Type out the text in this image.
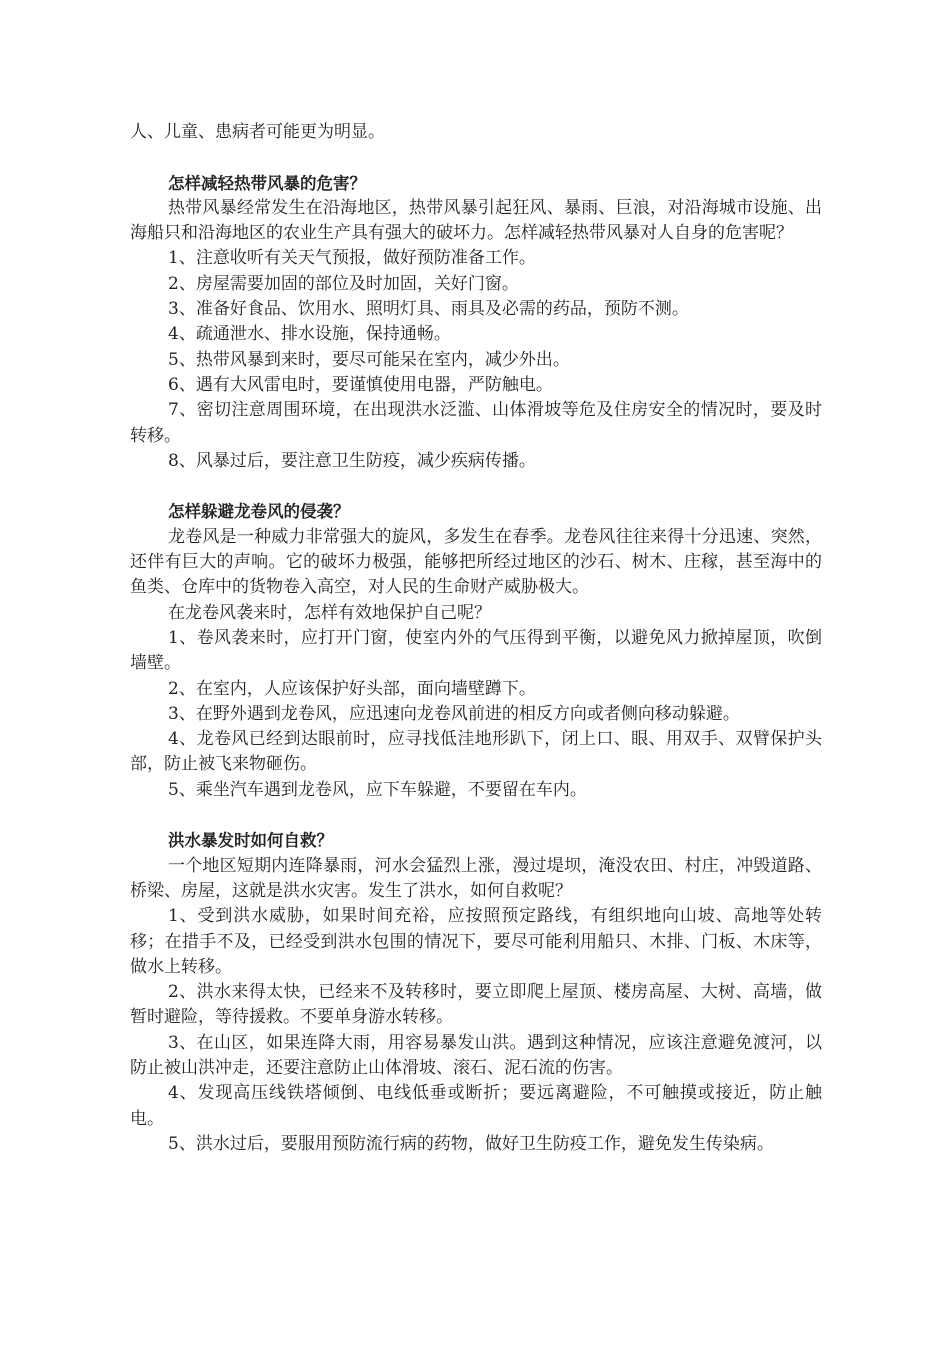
人、儿童、患病者可能更为明显。

怎样减轻热带风暴的危害？

热带风暴经常发生在沿海地区，热带风暴引起狂风、暴雨、巨浪，对沿海城市设施、出海船只和沿海地区的农业生产具有强大的破坏力。怎样减轻热带风暴对人自身的危害呢？

1、注意收听有关天气预报，做好预防准备工作。

2、房屋需要加固的部位及时加固，关好门窗。

3、准备好食品、饮用水、照明灯具、雨具及必需的药品，预防不测。

4、疏通泄水、排水设施，保持通畅。

5、热带风暴到来时，要尽可能呆在室内，减少外出。

6、遇有大风雷电时，要谨慎使用电器，严防触电。

7、密切注意周围环境，在出现洪水泛滥、山体滑坡等危及住房安全的情况时，要及时转移。

8、风暴过后，要注意卫生防疫，减少疾病传播。

怎样躲避龙卷风的侵袭？

龙卷风是一种威力非常强大的旋风，多发生在春季。龙卷风往往来得十分迅速、突然，还伴有巨大的声响。它的破坏力极强，能够把所经过地区的沙石、树木、庄稼，甚至海中的鱼类、仓库中的货物卷入高空，对人民的生命财产威胁极大。

在龙卷风袭来时，怎样有效地保护自己呢？

1、卷风袭来时，应打开门窗，使室内外的气压得到平衡，以避免风力掀掉屋顶，吹倒墙壁。

2、在室内，人应该保护好头部，面向墙壁蹲下。

3、在野外遇到龙卷风，应迅速向龙卷风前进的相反方向或者侧向移动躲避。

4、龙卷风已经到达眼前时，应寻找低洼地形趴下，闭上口、眼、用双手、双臂保护头部，防止被飞来物砸伤。

5、乘坐汽车遇到龙卷风，应下车躲避，不要留在车内。

洪水暴发时如何自救？

一个地区短期内连降暴雨，河水会猛烈上涨，漫过堤坝，淹没农田、村庄，冲毁道路、桥梁、房屋，这就是洪水灾害。发生了洪水，如何自救呢？

1、受到洪水威胁，如果时间充裕，应按照预定路线，有组织地向山坡、高地等处转移；在措手不及，已经受到洪水包围的情况下，要尽可能利用船只、木排、门板、木床等，做水上转移。

2、洪水来得太快，已经来不及转移时，要立即爬上屋顶、楼房高屋、大树、高墙，做暂时避险，等待援救。不要单身游水转移。

3、在山区，如果连降大雨，用容易暴发山洪。遇到这种情况，应该注意避免渡河，以防止被山洪冲走，还要注意防止山体滑坡、滚石、泥石流的伤害。

4、发现高压线铁塔倾倒、电线低垂或断折；要远离避险，不可触摸或接近，防止触电。

5、洪水过后，要服用预防流行病的药物，做好卫生防疫工作，避免发生传染病。
